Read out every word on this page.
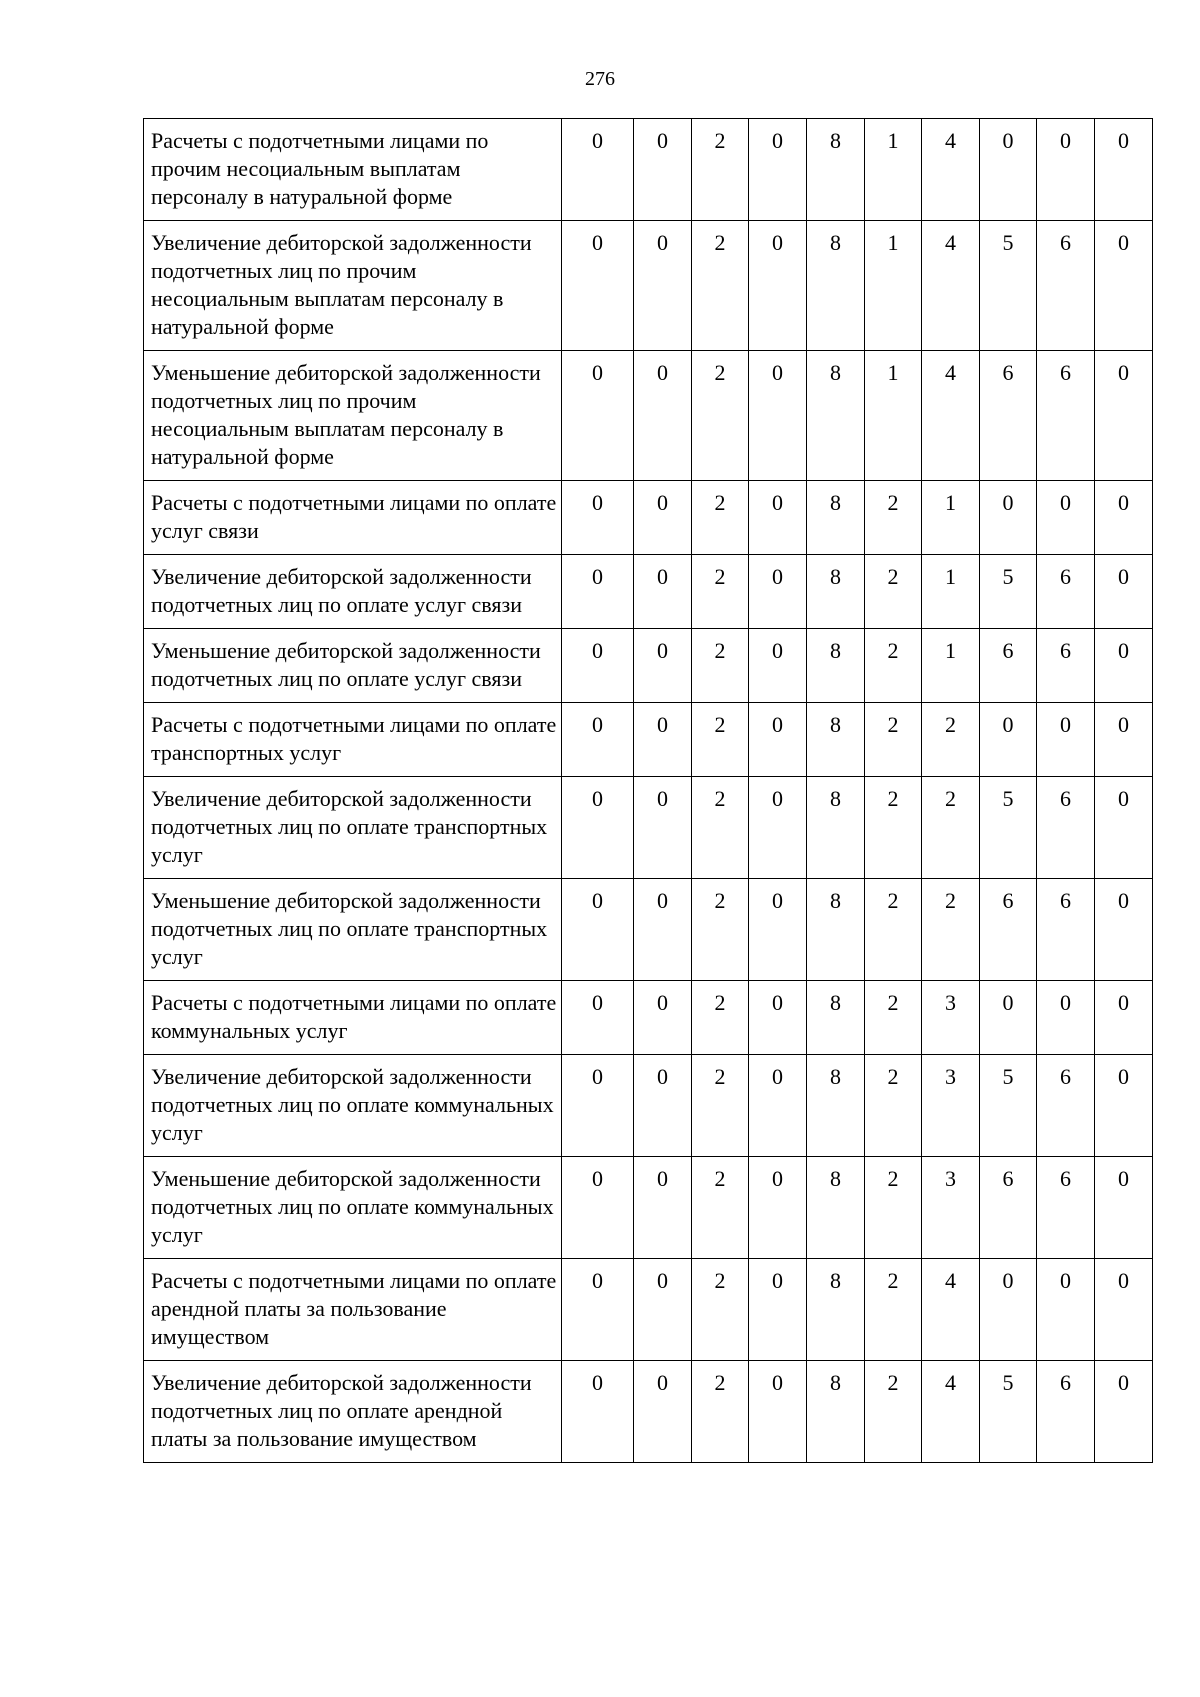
276
Расчеты с подотчетными лицами по прочим несоциальным выплатам персоналу в натуральной форме	0	0	2	0	8	1	4	0	0	0
Увеличение дебиторской задолженности подотчетных лиц по прочим несоциальным выплатам персоналу в натуральной форме	0	0	2	0	8	1	4	5	6	0
Уменьшение дебиторской задолженности подотчетных лиц по прочим несоциальным выплатам персоналу в натуральной форме	0	0	2	0	8	1	4	6	6	0
Расчеты с подотчетными лицами по оплате услуг связи	0	0	2	0	8	2	1	0	0	0
Увеличение дебиторской задолженности подотчетных лиц по оплате услуг связи	0	0	2	0	8	2	1	5	6	0
Уменьшение дебиторской задолженности подотчетных лиц по оплате услуг связи	0	0	2	0	8	2	1	6	6	0
Расчеты с подотчетными лицами по оплате транспортных услуг	0	0	2	0	8	2	2	0	0	0
Увеличение дебиторской задолженности подотчетных лиц по оплате транспортных услуг	0	0	2	0	8	2	2	5	6	0
Уменьшение дебиторской задолженности подотчетных лиц по оплате транспортных услуг	0	0	2	0	8	2	2	6	6	0
Расчеты с подотчетными лицами по оплате коммунальных услуг	0	0	2	0	8	2	3	0	0	0
Увеличение дебиторской задолженности подотчетных лиц по оплате коммунальных услуг	0	0	2	0	8	2	3	5	6	0
Уменьшение дебиторской задолженности подотчетных лиц по оплате коммунальных услуг	0	0	2	0	8	2	3	6	6	0
Расчеты с подотчетными лицами по оплате арендной платы за пользование имуществом	0	0	2	0	8	2	4	0	0	0
Увеличение дебиторской задолженности подотчетных лиц по оплате арендной платы за пользование имуществом	0	0	2	0	8	2	4	5	6	0
